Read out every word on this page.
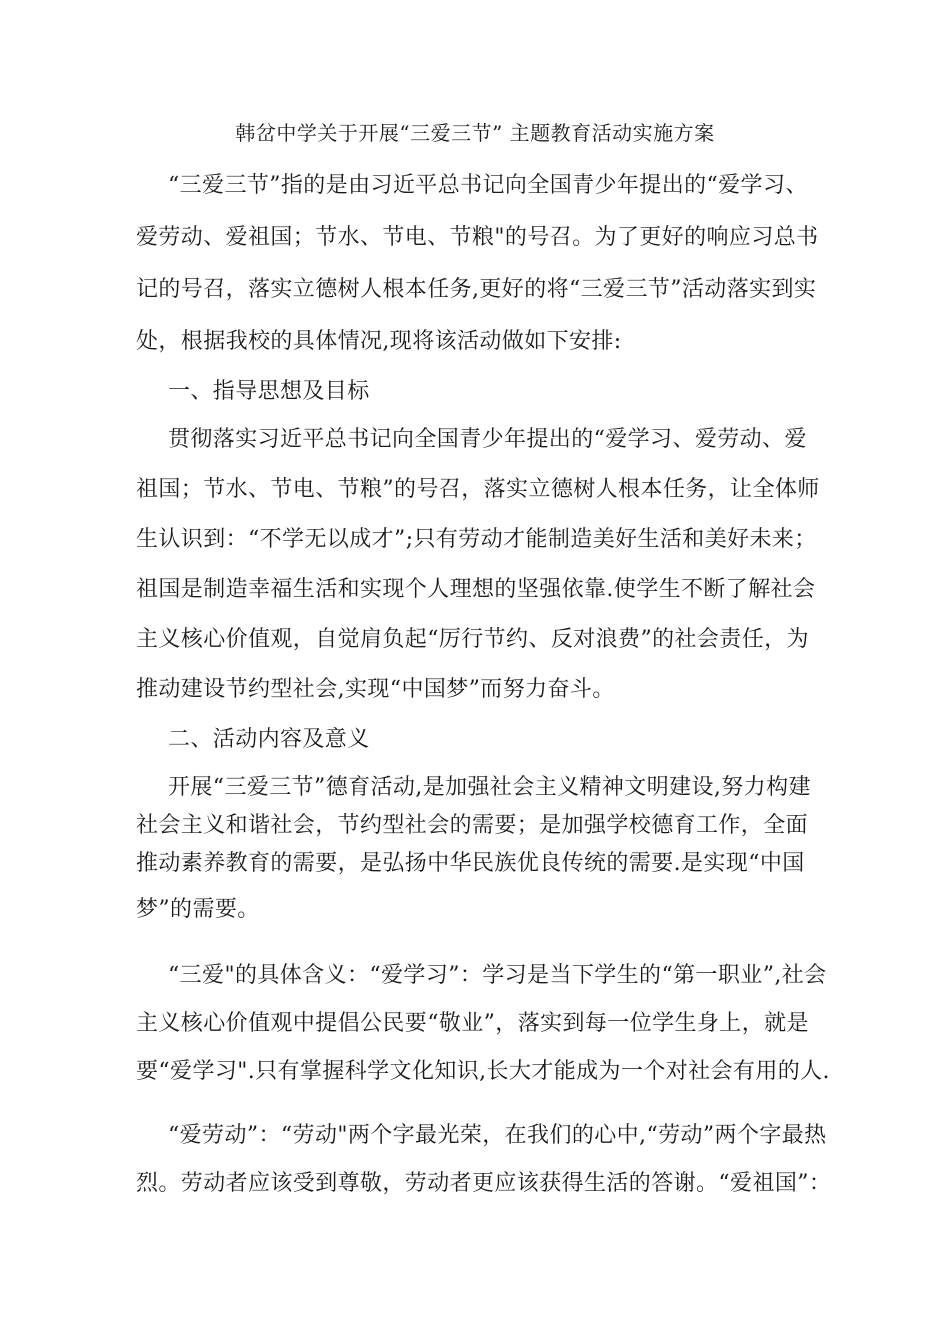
韩岔中学关于开展“三爱三节” 主题教育活动实施方案
“三爱三节”指的是由习近平总书记向全国青少年提出的“爱学习、
爱劳动、爱祖国；节水、节电、节粮"的号召。为了更好的响应习总书
记的号召，落实立德树人根本任务,更好的将“三爱三节”活动落实到实
处，根据我校的具体情况,现将该活动做如下安排:
一、指导思想及目标
贯彻落实习近平总书记向全国青少年提出的“爱学习、爱劳动、爱
祖国；节水、节电、节粮”的号召，落实立德树人根本任务，让全体师
生认识到：“不学无以成才”;只有劳动才能制造美好生活和美好未来；
祖国是制造幸福生活和实现个人理想的坚强依靠.使学生不断了解社会
主义核心价值观，自觉肩负起“厉行节约、反对浪费”的社会责任，为
推动建设节约型社会,实现“中国梦”而努力奋斗。
二、活动内容及意义
开展“三爱三节”德育活动,是加强社会主义精神文明建设,努力构建
社会主义和谐社会，节约型社会的需要；是加强学校德育工作，全面
推动素养教育的需要，是弘扬中华民族优良传统的需要.是实现“中国
梦”的需要。
“三爱"的具体含义：“爱学习”：学习是当下学生的“第一职业”,社会
主义核心价值观中提倡公民要“敬业”，落实到每一位学生身上，就是
要“爱学习".只有掌握科学文化知识,长大才能成为一个对社会有用的人.
“爱劳动”：“劳动"两个字最光荣，在我们的心中,“劳动”两个字最热
烈。劳动者应该受到尊敬，劳动者更应该获得生活的答谢。“爱祖国”：
